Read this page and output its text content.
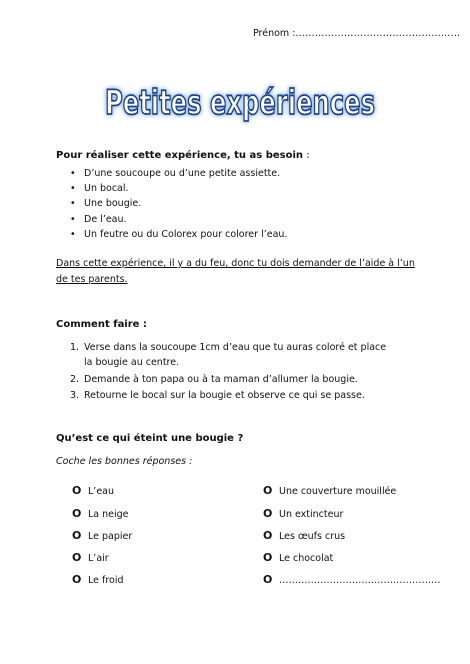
Prénom :……………………………………………
Petites expériences
Pour réaliser cette expérience, tu as besoin :
• D’une soucoupe ou d’une petite assiette.
• Un bocal.
• Une bougie.
• De l’eau.
• Un feutre ou du Colorex pour colorer l’eau.
Dans cette expérience, il y a du feu, donc tu dois demander de l’aide à l’un de tes parents.
Comment faire :
1. Verse dans la soucoupe 1cm d’eau que tu auras coloré et place la bougie au centre.
2. Demande à ton papa ou à ta maman d’allumer la bougie.
3. Retourne le bocal sur la bougie et observe ce qui se passe.
Qu’est ce qui éteint une bougie ?
Coche les bonnes réponses :
O L’eau
O La neige
O Le papier
O L’air
O Le froid
O Une couverture mouillée
O Un extincteur
O Les œufs crus
O Le chocolat
O ……………………………………………
